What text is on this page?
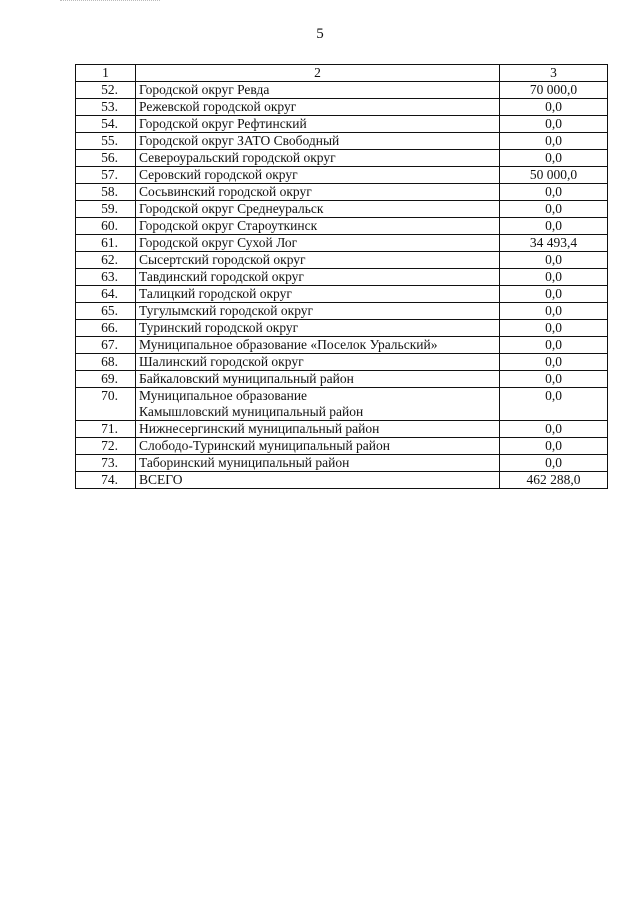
5
1	2	3
52.	Городской округ Ревда	70 000,0
53.	Режевской городской округ	0,0
54.	Городской округ Рефтинский	0,0
55.	Городской округ ЗАТО Свободный	0,0
56.	Североуральский городской округ	0,0
57.	Серовский городской округ	50 000,0
58.	Сосьвинский городской округ	0,0
59.	Городской округ Среднеуральск	0,0
60.	Городской округ Староуткинск	0,0
61.	Городской округ Сухой Лог	34 493,4
62.	Сысертский городской округ	0,0
63.	Тавдинский городской округ	0,0
64.	Талицкий городской округ	0,0
65.	Тугулымский городской округ	0,0
66.	Туринский городской округ	0,0
67.	Муниципальное образование «Поселок Уральский»	0,0
68.	Шалинский городской округ	0,0
69.	Байкаловский муниципальный район	0,0
70.	Муниципальное образование
Камышловский муниципальный район	0,0
71.	Нижнесергинский муниципальный район	0,0
72.	Слободо-Туринский муниципальный район	0,0
73.	Таборинский муниципальный район	0,0
74.	ВСЕГО	462 288,0
